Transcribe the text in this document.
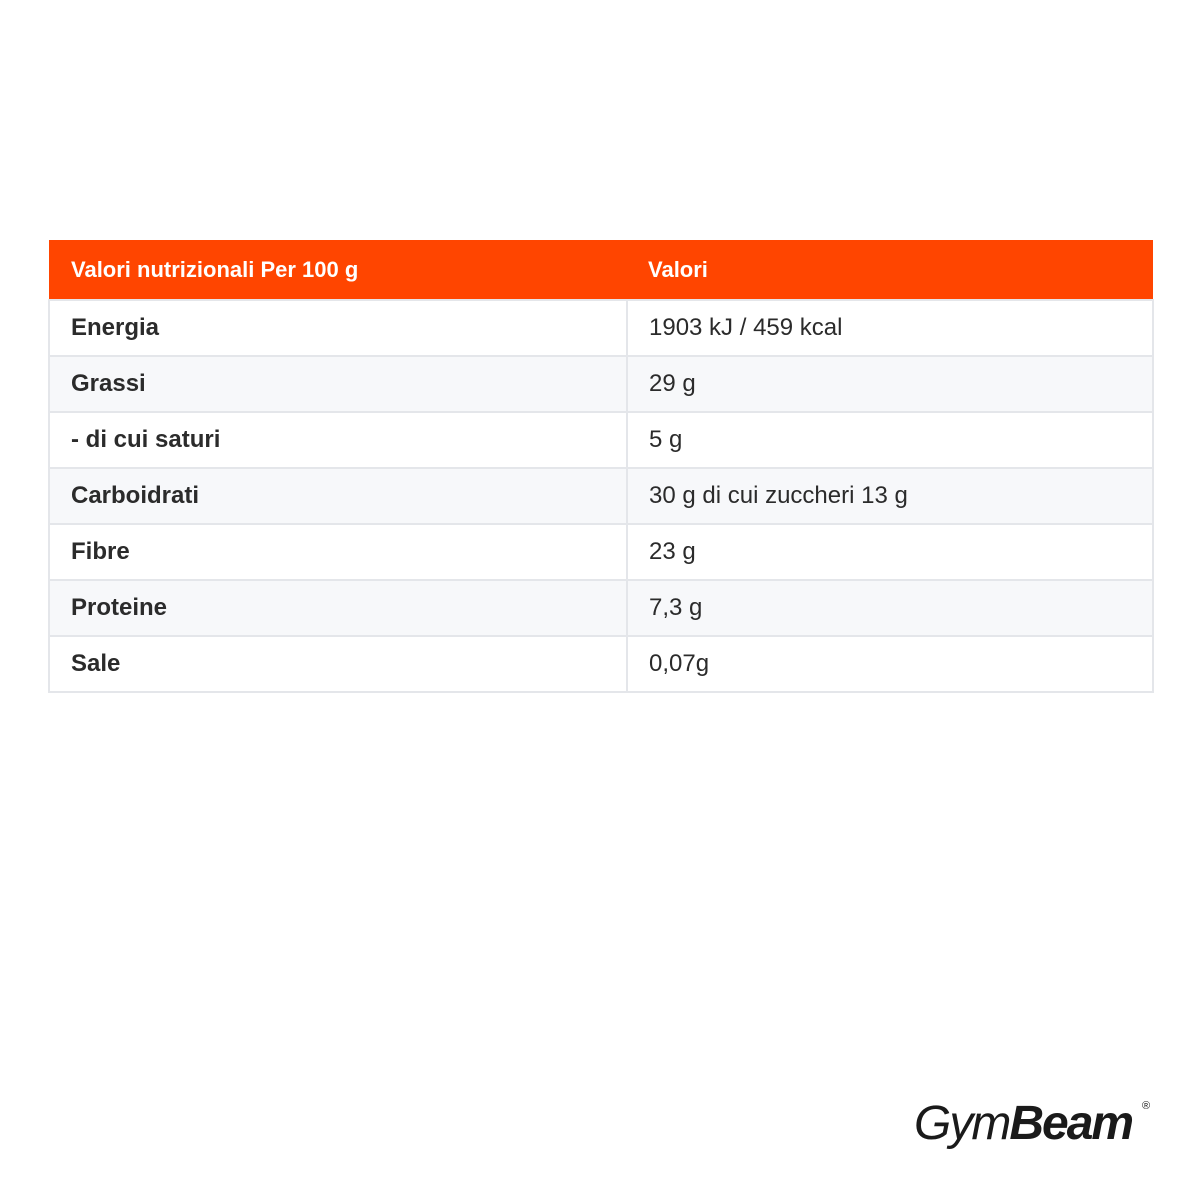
Valori nutrizionali Per 100 g	Valori
Energia	1903 kJ / 459 kcal
Grassi	29 g
- di cui saturi	5 g
Carboidrati	30 g di cui zuccheri 13 g
Fibre	23 g
Proteine	7,3 g
Sale	0,07g
GymBeam ®
